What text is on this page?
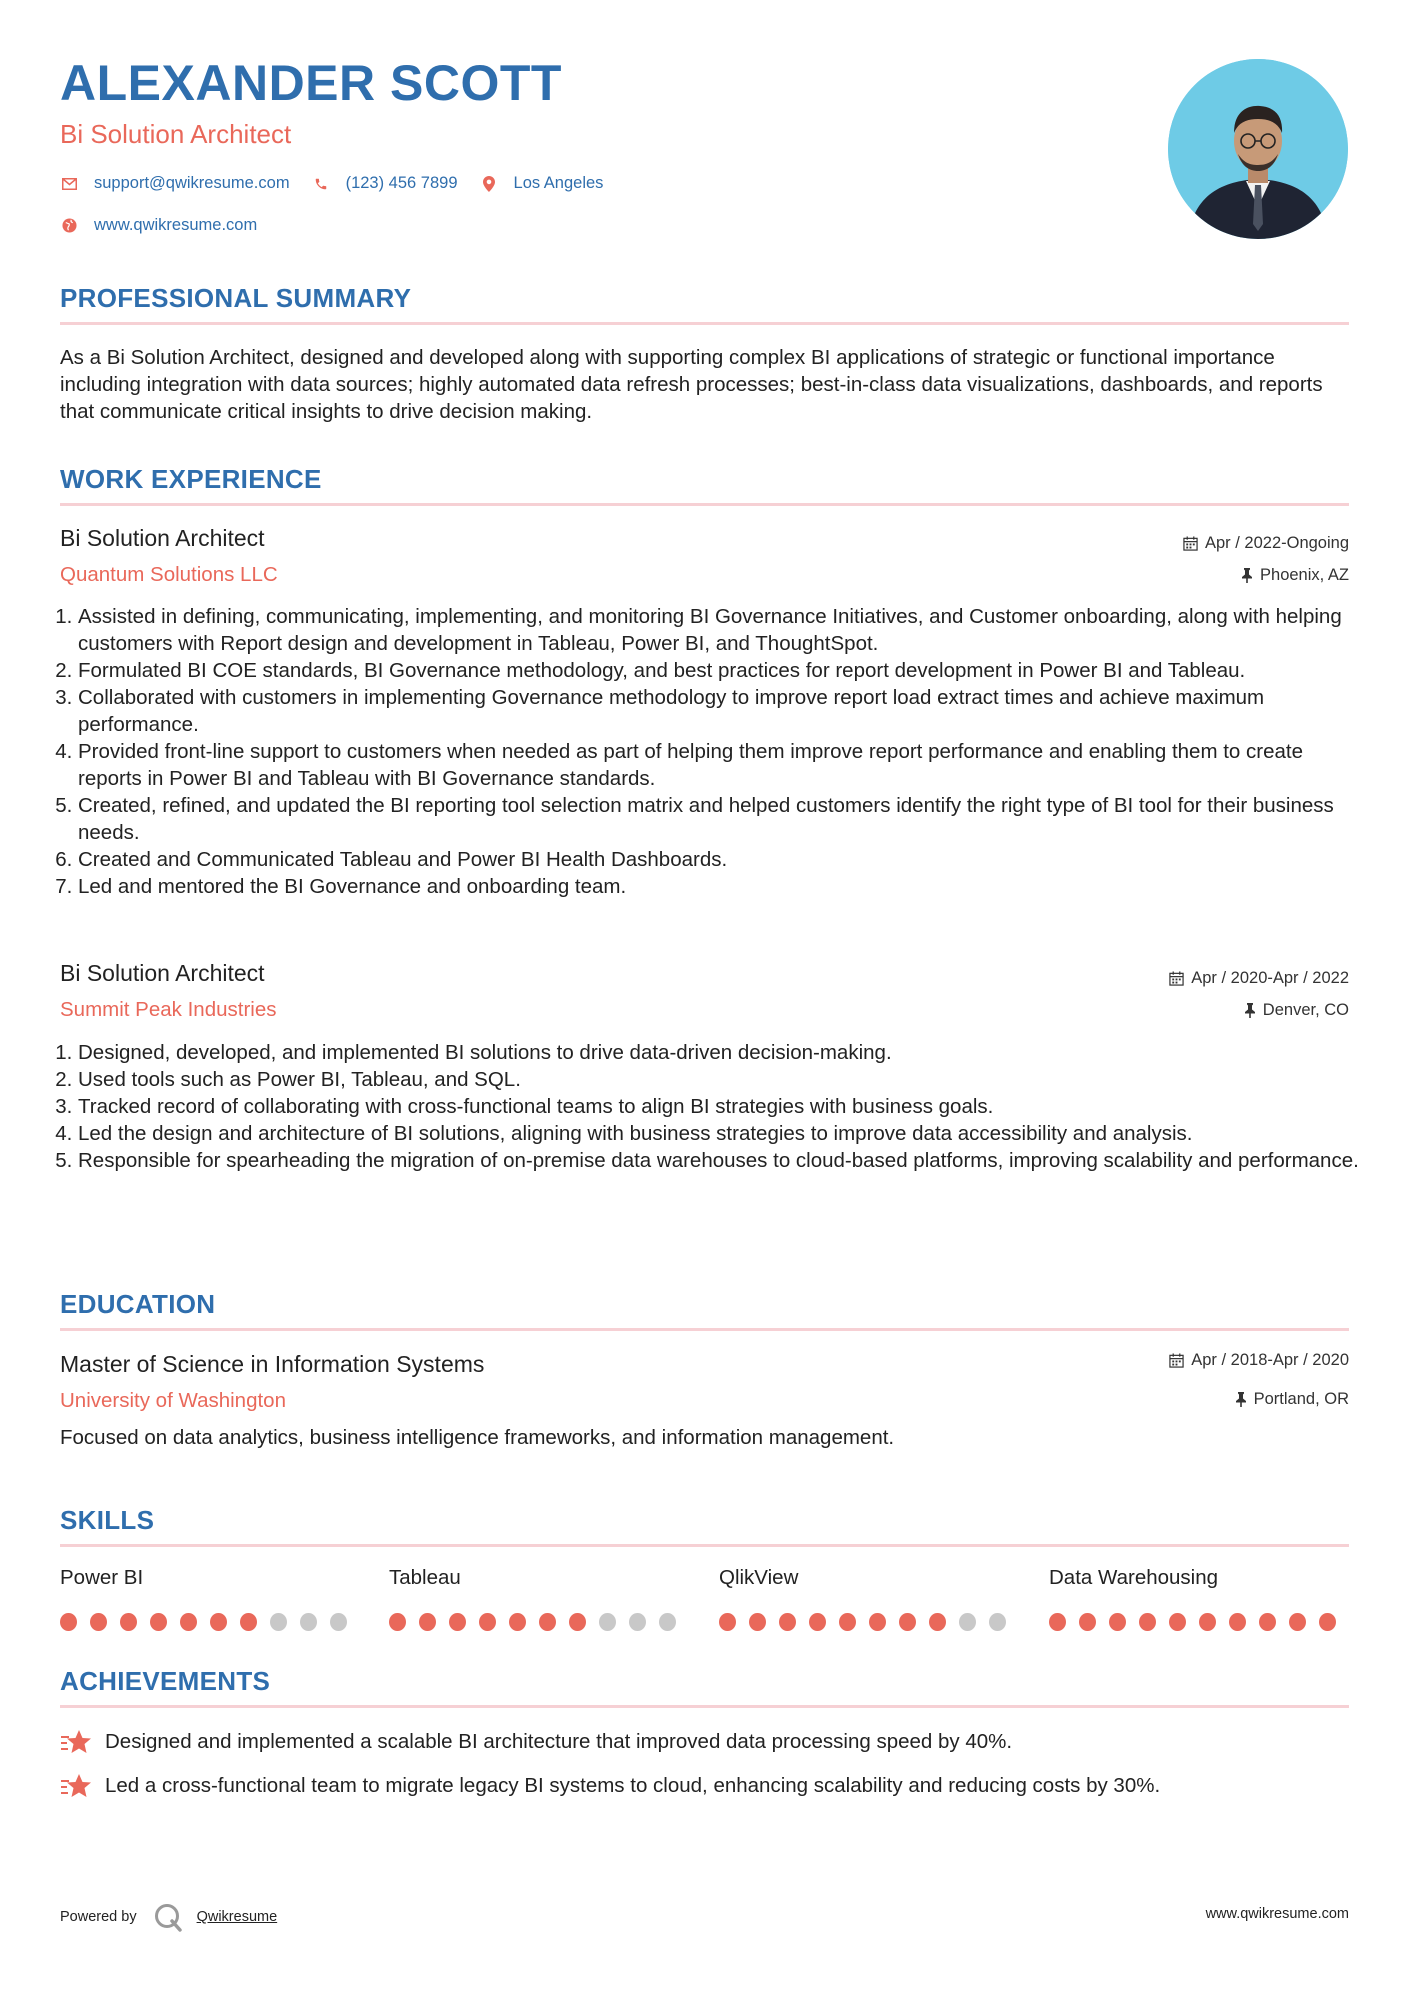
ALEXANDER SCOTT
Bi Solution Architect
support@qwikresume.com	(123) 456 7899	Los Angeles
www.qwikresume.com
PROFESSIONAL SUMMARY
As a Bi Solution Architect, designed and developed along with supporting complex BI applications of strategic or functional importance including integration with data sources; highly automated data refresh processes; best-in-class data visualizations, dashboards, and reports that communicate critical insights to drive decision making.
WORK EXPERIENCE
Bi Solution Architect
Quantum Solutions LLC
Apr / 2022-Ongoing
Phoenix, AZ
1. Assisted in defining, communicating, implementing, and monitoring BI Governance Initiatives, and Customer onboarding, along with helping customers with Report design and development in Tableau, Power BI, and ThoughtSpot.
2. Formulated BI COE standards, BI Governance methodology, and best practices for report development in Power BI and Tableau.
3. Collaborated with customers in implementing Governance methodology to improve report load extract times and achieve maximum performance.
4. Provided front-line support to customers when needed as part of helping them improve report performance and enabling them to create reports in Power BI and Tableau with BI Governance standards.
5. Created, refined, and updated the BI reporting tool selection matrix and helped customers identify the right type of BI tool for their business needs.
6. Created and Communicated Tableau and Power BI Health Dashboards.
7. Led and mentored the BI Governance and onboarding team.
Bi Solution Architect
Summit Peak Industries
Apr / 2020-Apr / 2022
Denver, CO
1. Designed, developed, and implemented BI solutions to drive data-driven decision-making.
2. Used tools such as Power BI, Tableau, and SQL.
3. Tracked record of collaborating with cross-functional teams to align BI strategies with business goals.
4. Led the design and architecture of BI solutions, aligning with business strategies to improve data accessibility and analysis.
5. Responsible for spearheading the migration of on-premise data warehouses to cloud-based platforms, improving scalability and performance.
EDUCATION
Master of Science in Information Systems
University of Washington
Apr / 2018-Apr / 2020
Portland, OR
Focused on data analytics, business intelligence frameworks, and information management.
SKILLS
Power BI	Tableau	QlikView	Data Warehousing
ACHIEVEMENTS
Designed and implemented a scalable BI architecture that improved data processing speed by 40%.
Led a cross-functional team to migrate legacy BI systems to cloud, enhancing scalability and reducing costs by 30%.
Powered by	Qwikresume	www.qwikresume.com
